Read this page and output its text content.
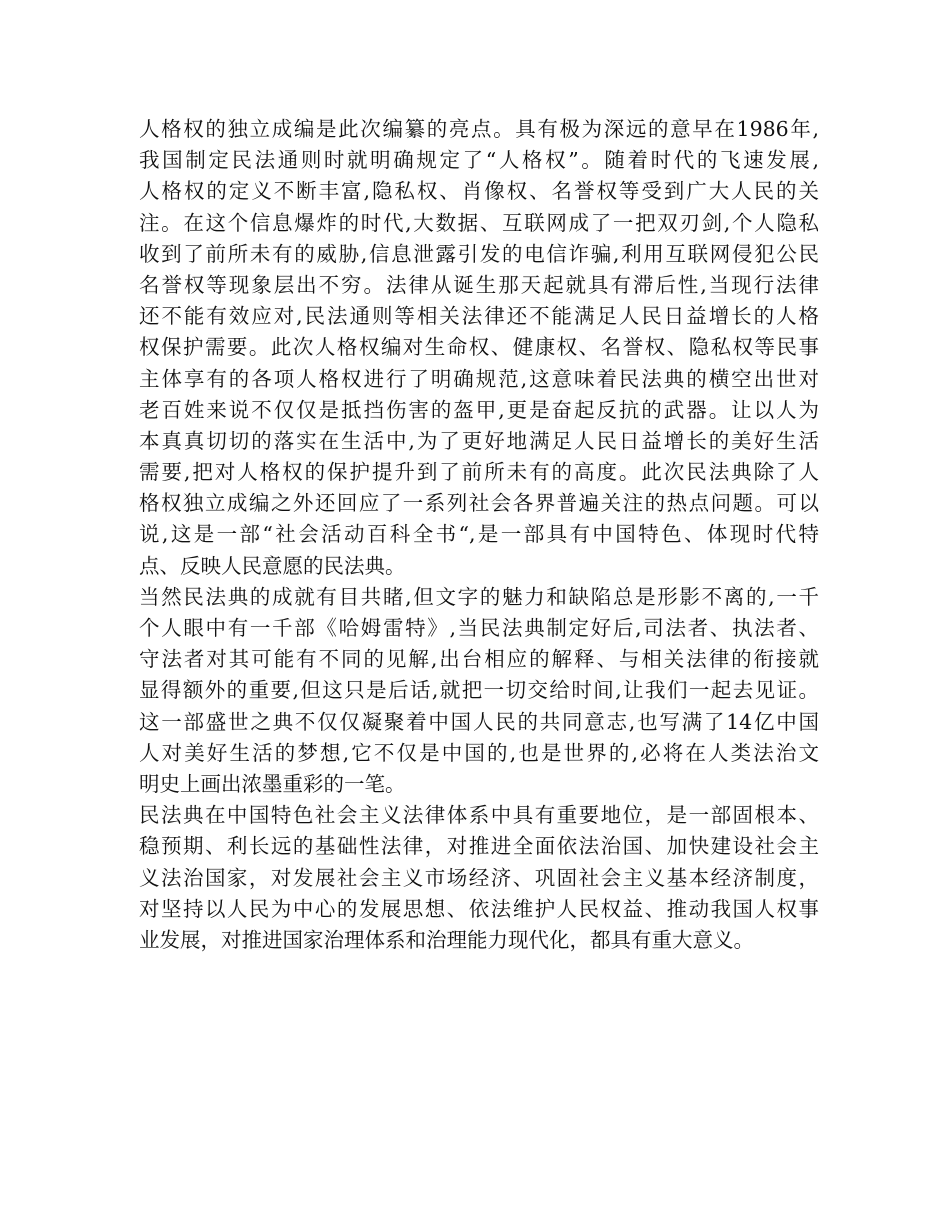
人格权的独立成编是此次编纂的亮点。具有极为深远的意早在1986年,
我国制定民法通则时就明确规定了“人格权”。随着时代的飞速发展,
人格权的定义不断丰富,隐私权、肖像权、名誉权等受到广大人民的关
注。在这个信息爆炸的时代,大数据、互联网成了一把双刃剑,个人隐私
收到了前所未有的威胁,信息泄露引发的电信诈骗,利用互联网侵犯公民
名誉权等现象层出不穷。法律从诞生那天起就具有滞后性,当现行法律
还不能有效应对,民法通则等相关法律还不能满足人民日益增长的人格
权保护需要。此次人格权编对生命权、健康权、名誉权、隐私权等民事
主体享有的各项人格权进行了明确规范,这意味着民法典的横空出世对
老百姓来说不仅仅是抵挡伤害的盔甲,更是奋起反抗的武器。让以人为
本真真切切的落实在生活中,为了更好地满足人民日益增长的美好生活
需要,把对人格权的保护提升到了前所未有的高度。此次民法典除了人
格权独立成编之外还回应了一系列社会各界普遍关注的热点问题。可以
说,这是一部“社会活动百科全书“,是一部具有中国特色、体现时代特
点、反映人民意愿的民法典。
当然民法典的成就有目共睹,但文字的魅力和缺陷总是形影不离的,一千
个人眼中有一千部《哈姆雷特》,当民法典制定好后,司法者、执法者、
守法者对其可能有不同的见解,出台相应的解释、与相关法律的衔接就
显得额外的重要,但这只是后话,就把一切交给时间,让我们一起去见证。
这一部盛世之典不仅仅凝聚着中国人民的共同意志,也写满了14亿中国
人对美好生活的梦想,它不仅是中国的,也是世界的,必将在人类法治文
明史上画出浓墨重彩的一笔。
民法典在中国特色社会主义法律体系中具有重要地位，是一部固根本、
稳预期、利长远的基础性法律，对推进全面依法治国、加快建设社会主
义法治国家，对发展社会主义市场经济、巩固社会主义基本经济制度，
对坚持以人民为中心的发展思想、依法维护人民权益、推动我国人权事
业发展，对推进国家治理体系和治理能力现代化，都具有重大意义。
